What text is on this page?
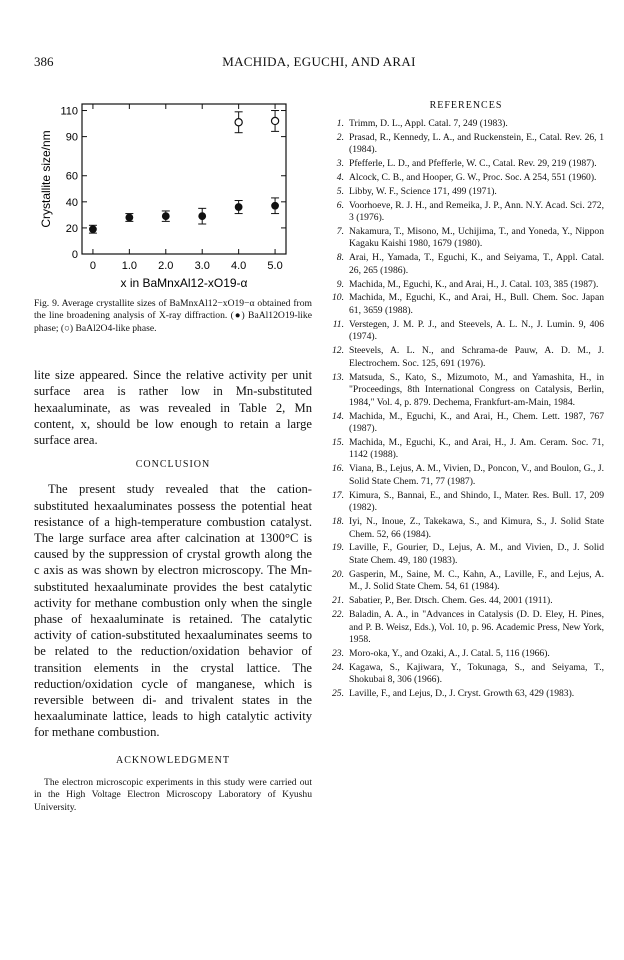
386	MACHIDA, EGUCHI, AND ARAI
0
20
40
60
90
110
0 1.0 2.0 3.0 4.0 5.0
x in BaMnxAl12-xO19-α
Crystallite size/nm
Fig. 9. Average crystallite sizes of BaMnxAl12−xO19−α obtained from the line broadening analysis of X-ray diffraction. (●) BaAl12O19-like phase; (○) BaAl2O4-like phase.

lite size appeared. Since the relative activity per unit surface area is rather low in Mn-substituted hexaaluminate, as was revealed in Table 2, Mn content, x, should be low enough to retain a large surface area.

CONCLUSION

The present study revealed that the cation-substituted hexaaluminates possess the potential heat resistance of a high-temperature combustion catalyst. The large surface area after calcination at 1300°C is caused by the suppression of crystal growth along the c axis as was shown by electron microscopy. The Mn-substituted hexaaluminate provides the best catalytic activity for methane combustion only when the single phase of hexaaluminate is retained. The catalytic activity of cation-substituted hexaaluminates seems to be related to the reduction/oxidation behavior of transition elements in the crystal lattice. The reduction/oxidation cycle of manganese, which is reversible between di- and trivalent states in the hexaaluminate lattice, leads to high catalytic activity for methane combustion.

ACKNOWLEDGMENT

The electron microscopic experiments in this study were carried out in the High Voltage Electron Microscopy Laboratory of Kyushu University.

REFERENCES
1. Trimm, D. L., Appl. Catal. 7, 249 (1983).
2. Prasad, R., Kennedy, L. A., and Ruckenstein, E., Catal. Rev. 26, 1 (1984).
3. Pfefferle, L. D., and Pfefferle, W. C., Catal. Rev. 29, 219 (1987).
4. Alcock, C. B., and Hooper, G. W., Proc. Soc. A 254, 551 (1960).
5. Libby, W. F., Science 171, 499 (1971).
6. Voorhoeve, R. J. H., and Remeika, J. P., Ann. N.Y. Acad. Sci. 272, 3 (1976).
7. Nakamura, T., Misono, M., Uchijima, T., and Yoneda, Y., Nippon Kagaku Kaishi 1980, 1679 (1980).
8. Arai, H., Yamada, T., Eguchi, K., and Seiyama, T., Appl. Catal. 26, 265 (1986).
9. Machida, M., Eguchi, K., and Arai, H., J. Catal. 103, 385 (1987).
10. Machida, M., Eguchi, K., and Arai, H., Bull. Chem. Soc. Japan 61, 3659 (1988).
11. Verstegen, J. M. P. J., and Steevels, A. L. N., J. Lumin. 9, 406 (1974).
12. Steevels, A. L. N., and Schrama-de Pauw, A. D. M., J. Electrochem. Soc. 125, 691 (1976).
13. Matsuda, S., Kato, S., Mizumoto, M., and Yamashita, H., in "Proceedings, 8th International Congress on Catalysis, Berlin, 1984," Vol. 4, p. 879. Dechema, Frankfurt-am-Main, 1984.
14. Machida, M., Eguchi, K., and Arai, H., Chem. Lett. 1987, 767 (1987).
15. Machida, M., Eguchi, K., and Arai, H., J. Am. Ceram. Soc. 71, 1142 (1988).
16. Viana, B., Lejus, A. M., Vivien, D., Poncon, V., and Boulon, G., J. Solid State Chem. 71, 77 (1987).
17. Kimura, S., Bannai, E., and Shindo, I., Mater. Res. Bull. 17, 209 (1982).
18. Iyi, N., Inoue, Z., Takekawa, S., and Kimura, S., J. Solid State Chem. 52, 66 (1984).
19. Laville, F., Gourier, D., Lejus, A. M., and Vivien, D., J. Solid State Chem. 49, 180 (1983).
20. Gasperin, M., Saine, M. C., Kahn, A., Laville, F., and Lejus, A. M., J. Solid State Chem. 54, 61 (1984).
21. Sabatier, P., Ber. Dtsch. Chem. Ges. 44, 2001 (1911).
22. Baladin, A. A., in "Advances in Catalysis (D. D. Eley, H. Pines, and P. B. Weisz, Eds.), Vol. 10, p. 96. Academic Press, New York, 1958.
23. Moro-oka, Y., and Ozaki, A., J. Catal. 5, 116 (1966).
24. Kagawa, S., Kajiwara, Y., Tokunaga, S., and Seiyama, T., Shokubai 8, 306 (1966).
25. Laville, F., and Lejus, D., J. Cryst. Growth 63, 429 (1983).
